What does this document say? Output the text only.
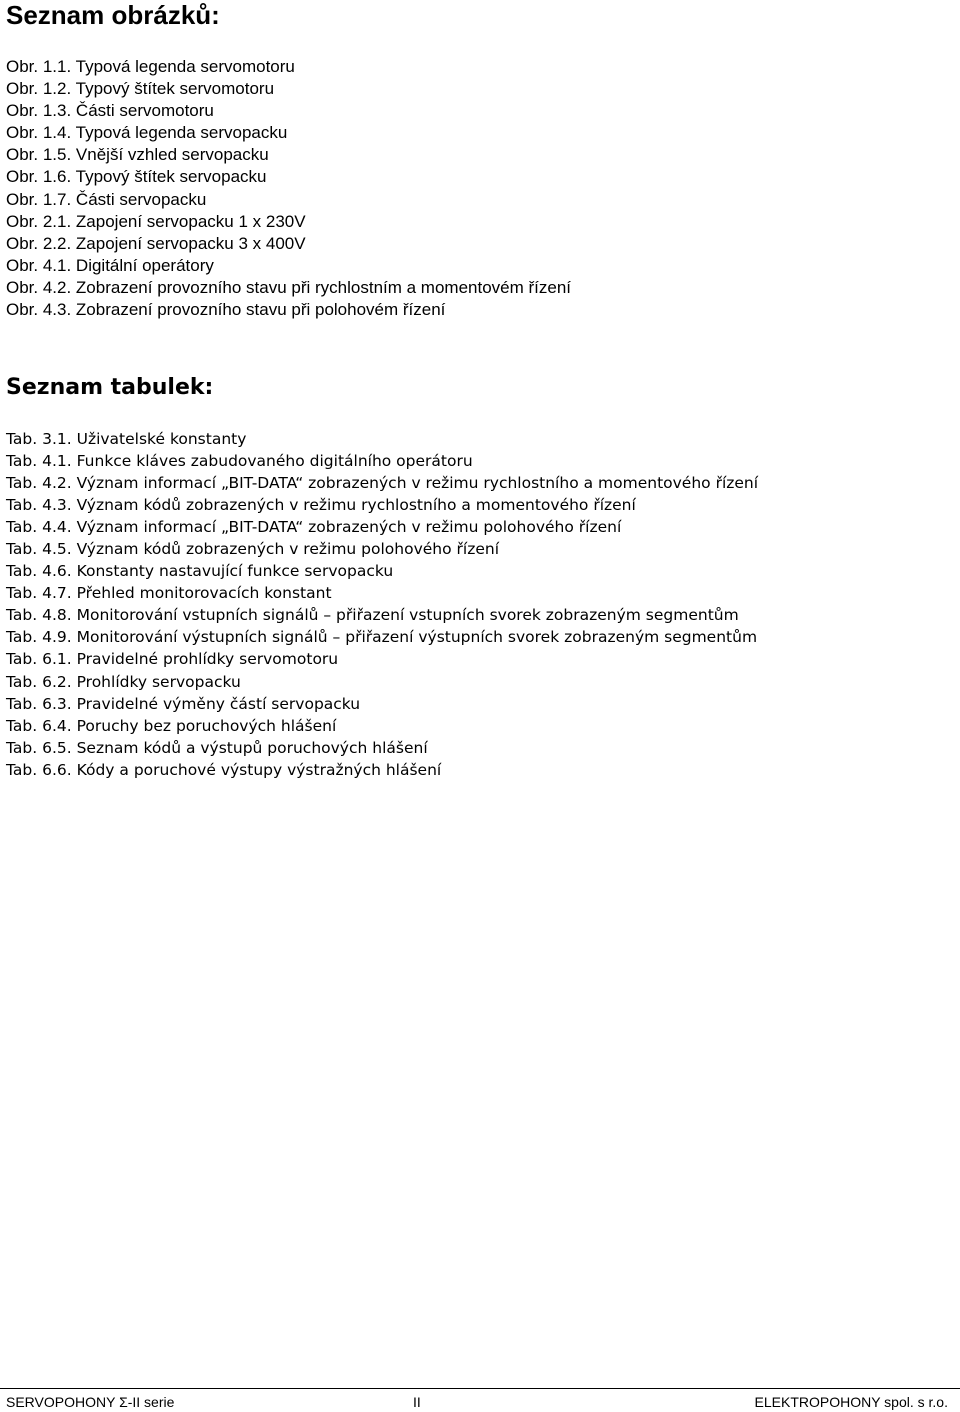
Seznam obrázků:
Obr. 1.1. Typová legenda servomotoru
Obr. 1.2. Typový štítek servomotoru
Obr. 1.3. Části servomotoru
Obr. 1.4. Typová legenda servopacku
Obr. 1.5. Vnější vzhled servopacku
Obr. 1.6. Typový štítek servopacku
Obr. 1.7. Části servopacku
Obr. 2.1. Zapojení servopacku 1 x 230V
Obr. 2.2. Zapojení servopacku 3 x 400V
Obr. 4.1. Digitální operátory
Obr. 4.2. Zobrazení provozního stavu při rychlostním a momentovém řízení
Obr. 4.3. Zobrazení provozního stavu při polohovém řízení
Seznam tabulek:
Tab. 3.1. Uživatelské konstanty
Tab. 4.1. Funkce kláves zabudovaného digitálního operátoru
Tab. 4.2. Význam informací „BIT-DATA“ zobrazených v režimu rychlostního a momentového řízení
Tab. 4.3. Význam kódů zobrazených v režimu rychlostního a momentového řízení
Tab. 4.4. Význam informací „BIT-DATA“ zobrazených v režimu polohového řízení
Tab. 4.5. Význam kódů zobrazených v režimu polohového řízení
Tab. 4.6. Konstanty nastavující funkce servopacku
Tab. 4.7. Přehled monitorovacích konstant
Tab. 4.8. Monitorování vstupních signálů – přiřazení vstupních svorek zobrazeným segmentům
Tab. 4.9. Monitorování výstupních signálů – přiřazení výstupních svorek zobrazeným segmentům
Tab. 6.1. Pravidelné prohlídky servomotoru
Tab. 6.2. Prohlídky servopacku
Tab. 6.3. Pravidelné výměny částí servopacku
Tab. 6.4. Poruchy bez poruchových hlášení
Tab. 6.5. Seznam kódů a výstupů poruchových hlášení
Tab. 6.6. Kódy a poruchové výstupy výstražných hlášení
SERVOPOHONY Σ-II serie	II	ELEKTROPOHONY spol. s r.o.
